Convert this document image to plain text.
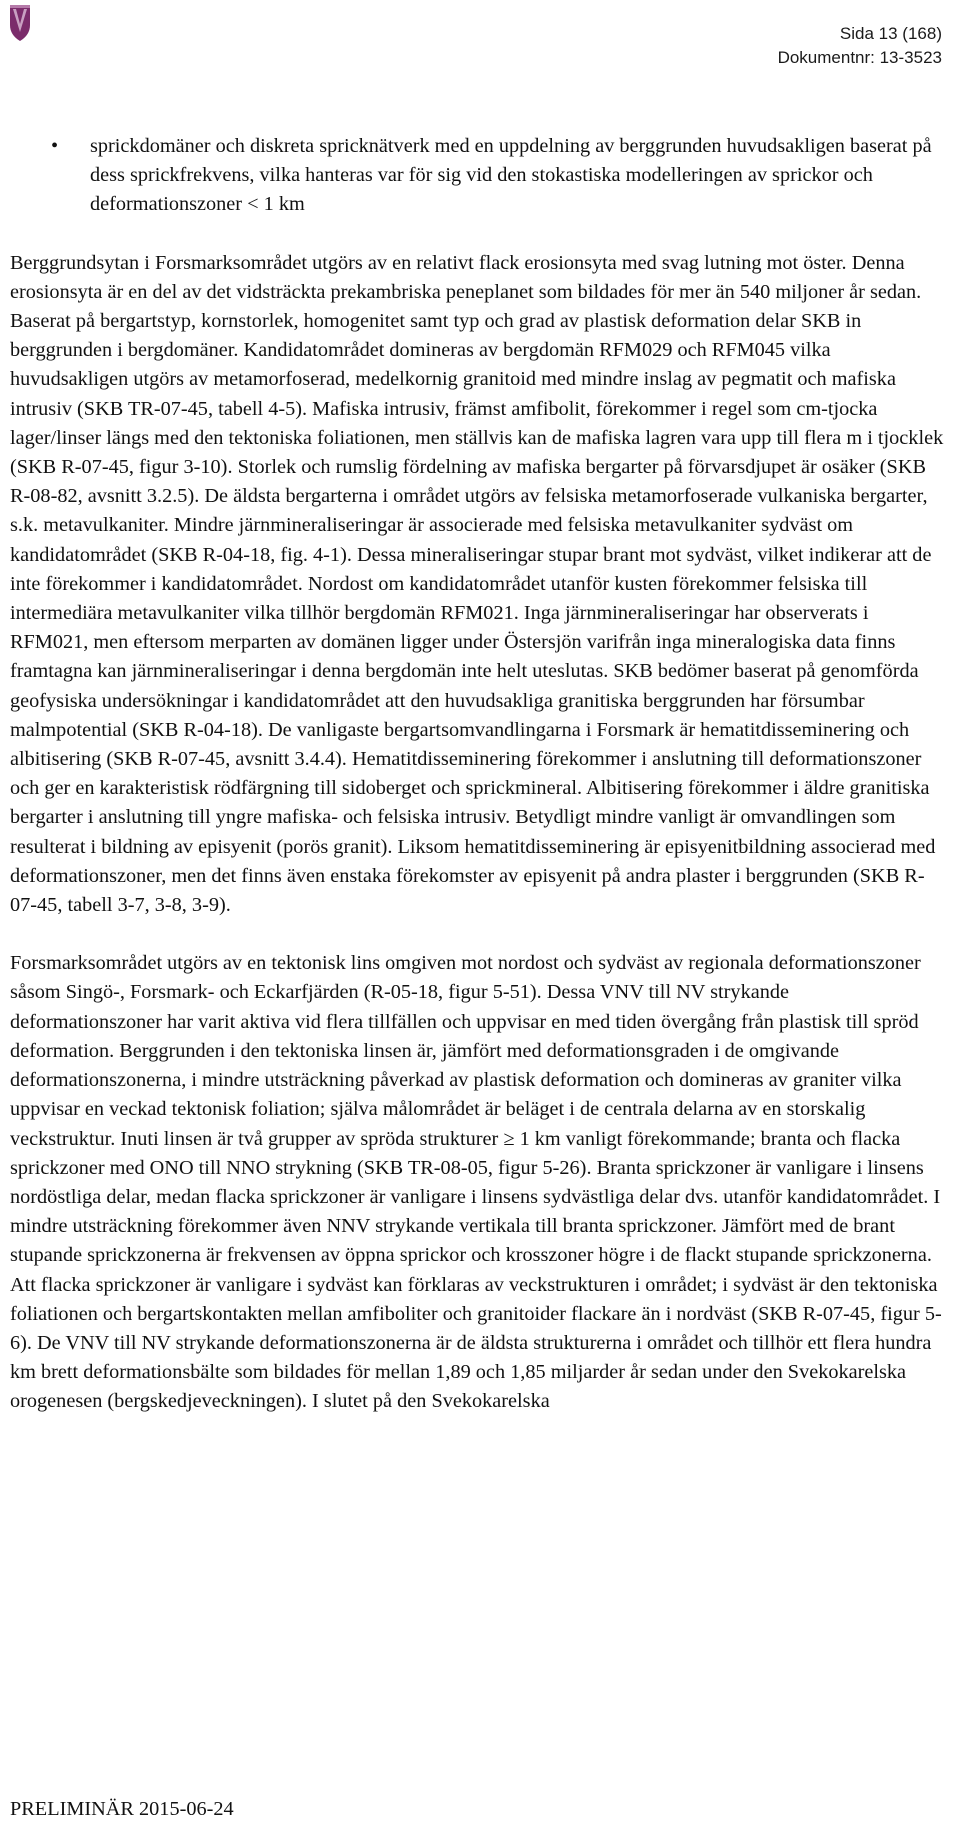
Sida 13 (168)
Dokumentnr: 13-3523
• sprickdomäner och diskreta spricknätverk med en uppdelning av berggrunden huvudsakligen baserat på dess sprickfrekvens, vilka hanteras var för sig vid den stokastiska modelleringen av sprickor och deformationszoner < 1 km

Berggrundsytan i Forsmarksområdet utgörs av en relativt flack erosionsyta med svag lutning mot öster. Denna erosionsyta är en del av det vidsträckta prekambriska peneplanet som bildades för mer än 540 miljoner år sedan. Baserat på bergartstyp, kornstorlek, homogenitet samt typ och grad av plastisk deformation delar SKB in berggrunden i bergdomäner. Kandidatområdet domineras av bergdomän RFM029 och RFM045 vilka huvudsakligen utgörs av metamorfoserad, medelkornig granitoid med mindre inslag av pegmatit och mafiska intrusiv (SKB TR-07-45, tabell 4-5). Mafiska intrusiv, främst amfibolit, förekommer i regel som cm-tjocka lager/linser längs med den tektoniska foliationen, men ställvis kan de mafiska lagren vara upp till flera m i tjocklek (SKB R-07-45, figur 3-10). Storlek och rumslig fördelning av mafiska bergarter på förvarsdjupet är osäker (SKB R-08-82, avsnitt 3.2.5). De äldsta bergarterna i området utgörs av felsiska metamorfoserade vulkaniska bergarter, s.k. metavulkaniter. Mindre järnmineraliseringar är associerade med felsiska metavulkaniter sydväst om kandidatområdet (SKB R-04-18, fig. 4-1). Dessa mineraliseringar stupar brant mot sydväst, vilket indikerar att de inte förekommer i kandidatområdet. Nordost om kandidatområdet utanför kusten förekommer felsiska till intermediära metavulkaniter vilka tillhör bergdomän RFM021. Inga järnmineraliseringar har observerats i RFM021, men eftersom merparten av domänen ligger under Östersjön varifrån inga mineralogiska data finns framtagna kan järnmineraliseringar i denna bergdomän inte helt uteslutas. SKB bedömer baserat på genomförda geofysiska undersökningar i kandidatområdet att den huvudsakliga granitiska berggrunden har försumbar malmpotential (SKB R-04-18). De vanligaste bergartsomvandlingarna i Forsmark är hematitdisseminering och albitisering (SKB R-07-45, avsnitt 3.4.4). Hematitdisseminering förekommer i anslutning till deformationszoner och ger en karakteristisk rödfärgning till sidoberget och sprickmineral. Albitisering förekommer i äldre granitiska bergarter i anslutning till yngre mafiska- och felsiska intrusiv. Betydligt mindre vanligt är omvandlingen som resulterat i bildning av episyenit (porös granit). Liksom hematitdisseminering är episyenitbildning associerad med deformationszoner, men det finns även enstaka förekomster av episyenit på andra plaster i berggrunden (SKB R-07-45, tabell 3-7, 3-8, 3-9).

Forsmarksområdet utgörs av en tektonisk lins omgiven mot nordost och sydväst av regionala deformationszoner såsom Singö-, Forsmark- och Eckarfjärden (R-05-18, figur 5-51). Dessa VNV till NV strykande deformationszoner har varit aktiva vid flera tillfällen och uppvisar en med tiden övergång från plastisk till spröd deformation. Berggrunden i den tektoniska linsen är, jämfört med deformationsgraden i de omgivande deformationszonerna, i mindre utsträckning påverkad av plastisk deformation och domineras av graniter vilka uppvisar en veckad tektonisk foliation; själva målområdet är beläget i de centrala delarna av en storskalig veckstruktur. Inuti linsen är två grupper av spröda strukturer ≥ 1 km vanligt förekommande; branta och flacka sprickzoner med ONO till NNO strykning (SKB TR-08-05, figur 5-26). Branta sprickzoner är vanligare i linsens nordöstliga delar, medan flacka sprickzoner är vanligare i linsens sydvästliga delar dvs. utanför kandidatområdet. I mindre utsträckning förekommer även NNV strykande vertikala till branta sprickzoner. Jämfört med de brant stupande sprickzonerna är frekvensen av öppna sprickor och krosszoner högre i de flackt stupande sprickzonerna. Att flacka sprickzoner är vanligare i sydväst kan förklaras av veckstrukturen i området; i sydväst är den tektoniska foliationen och bergartskontakten mellan amfiboliter och granitoider flackare än i nordväst (SKB R-07-45, figur 5-6). De VNV till NV strykande deformationszonerna är de äldsta strukturerna i området och tillhör ett flera hundra km brett deformationsbälte som bildades för mellan 1,89 och 1,85 miljarder år sedan under den Svekokarelska orogenesen (bergskedjeveckningen). I slutet på den Svekokarelska

PRELIMINÄR 2015-06-24
